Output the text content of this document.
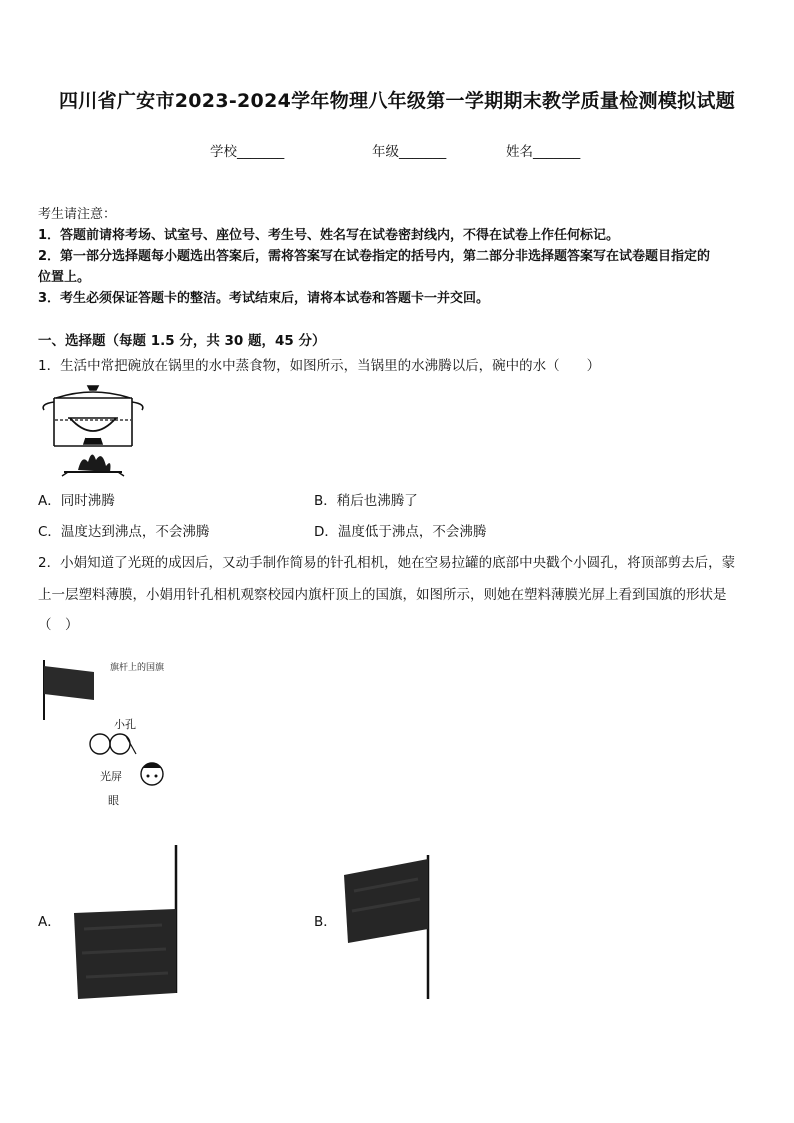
四川省广安市2023-2024学年物理八年级第一学期期末教学质量检测模拟试题
学校_______	年级_______	姓名_______
考生请注意：
1．答题前请将考场、试室号、座位号、考生号、姓名写在试卷密封线内，不得在试卷上作任何标记。
2．第一部分选择题每小题选出答案后，需将答案写在试卷指定的括号内，第二部分非选择题答案写在试卷题目指定的
位置上。
3．考生必须保证答题卡的整洁。考试结束后，请将本试卷和答题卡一并交回。
一、选择题（每题 1.5 分，共 30 题，45 分）
1．生活中常把碗放在锅里的水中蒸食物，如图所示，当锅里的水沸腾以后，碗中的水（　　）
A．同时沸腾	B．稍后也沸腾了
C．温度达到沸点，不会沸腾	D．温度低于沸点，不会沸腾
2．小娟知道了光斑的成因后，又动手制作简易的针孔相机，她在空易拉罐的底部中央戳个小圆孔，将顶部剪去后，蒙
上一层塑料薄膜，小娟用针孔相机观察校园内旗杆顶上的国旗，如图所示，则她在塑料薄膜光屏上看到国旗的形状是
（　）
旗杆上的国旗
小孔
光屏
眼
A．	B．
